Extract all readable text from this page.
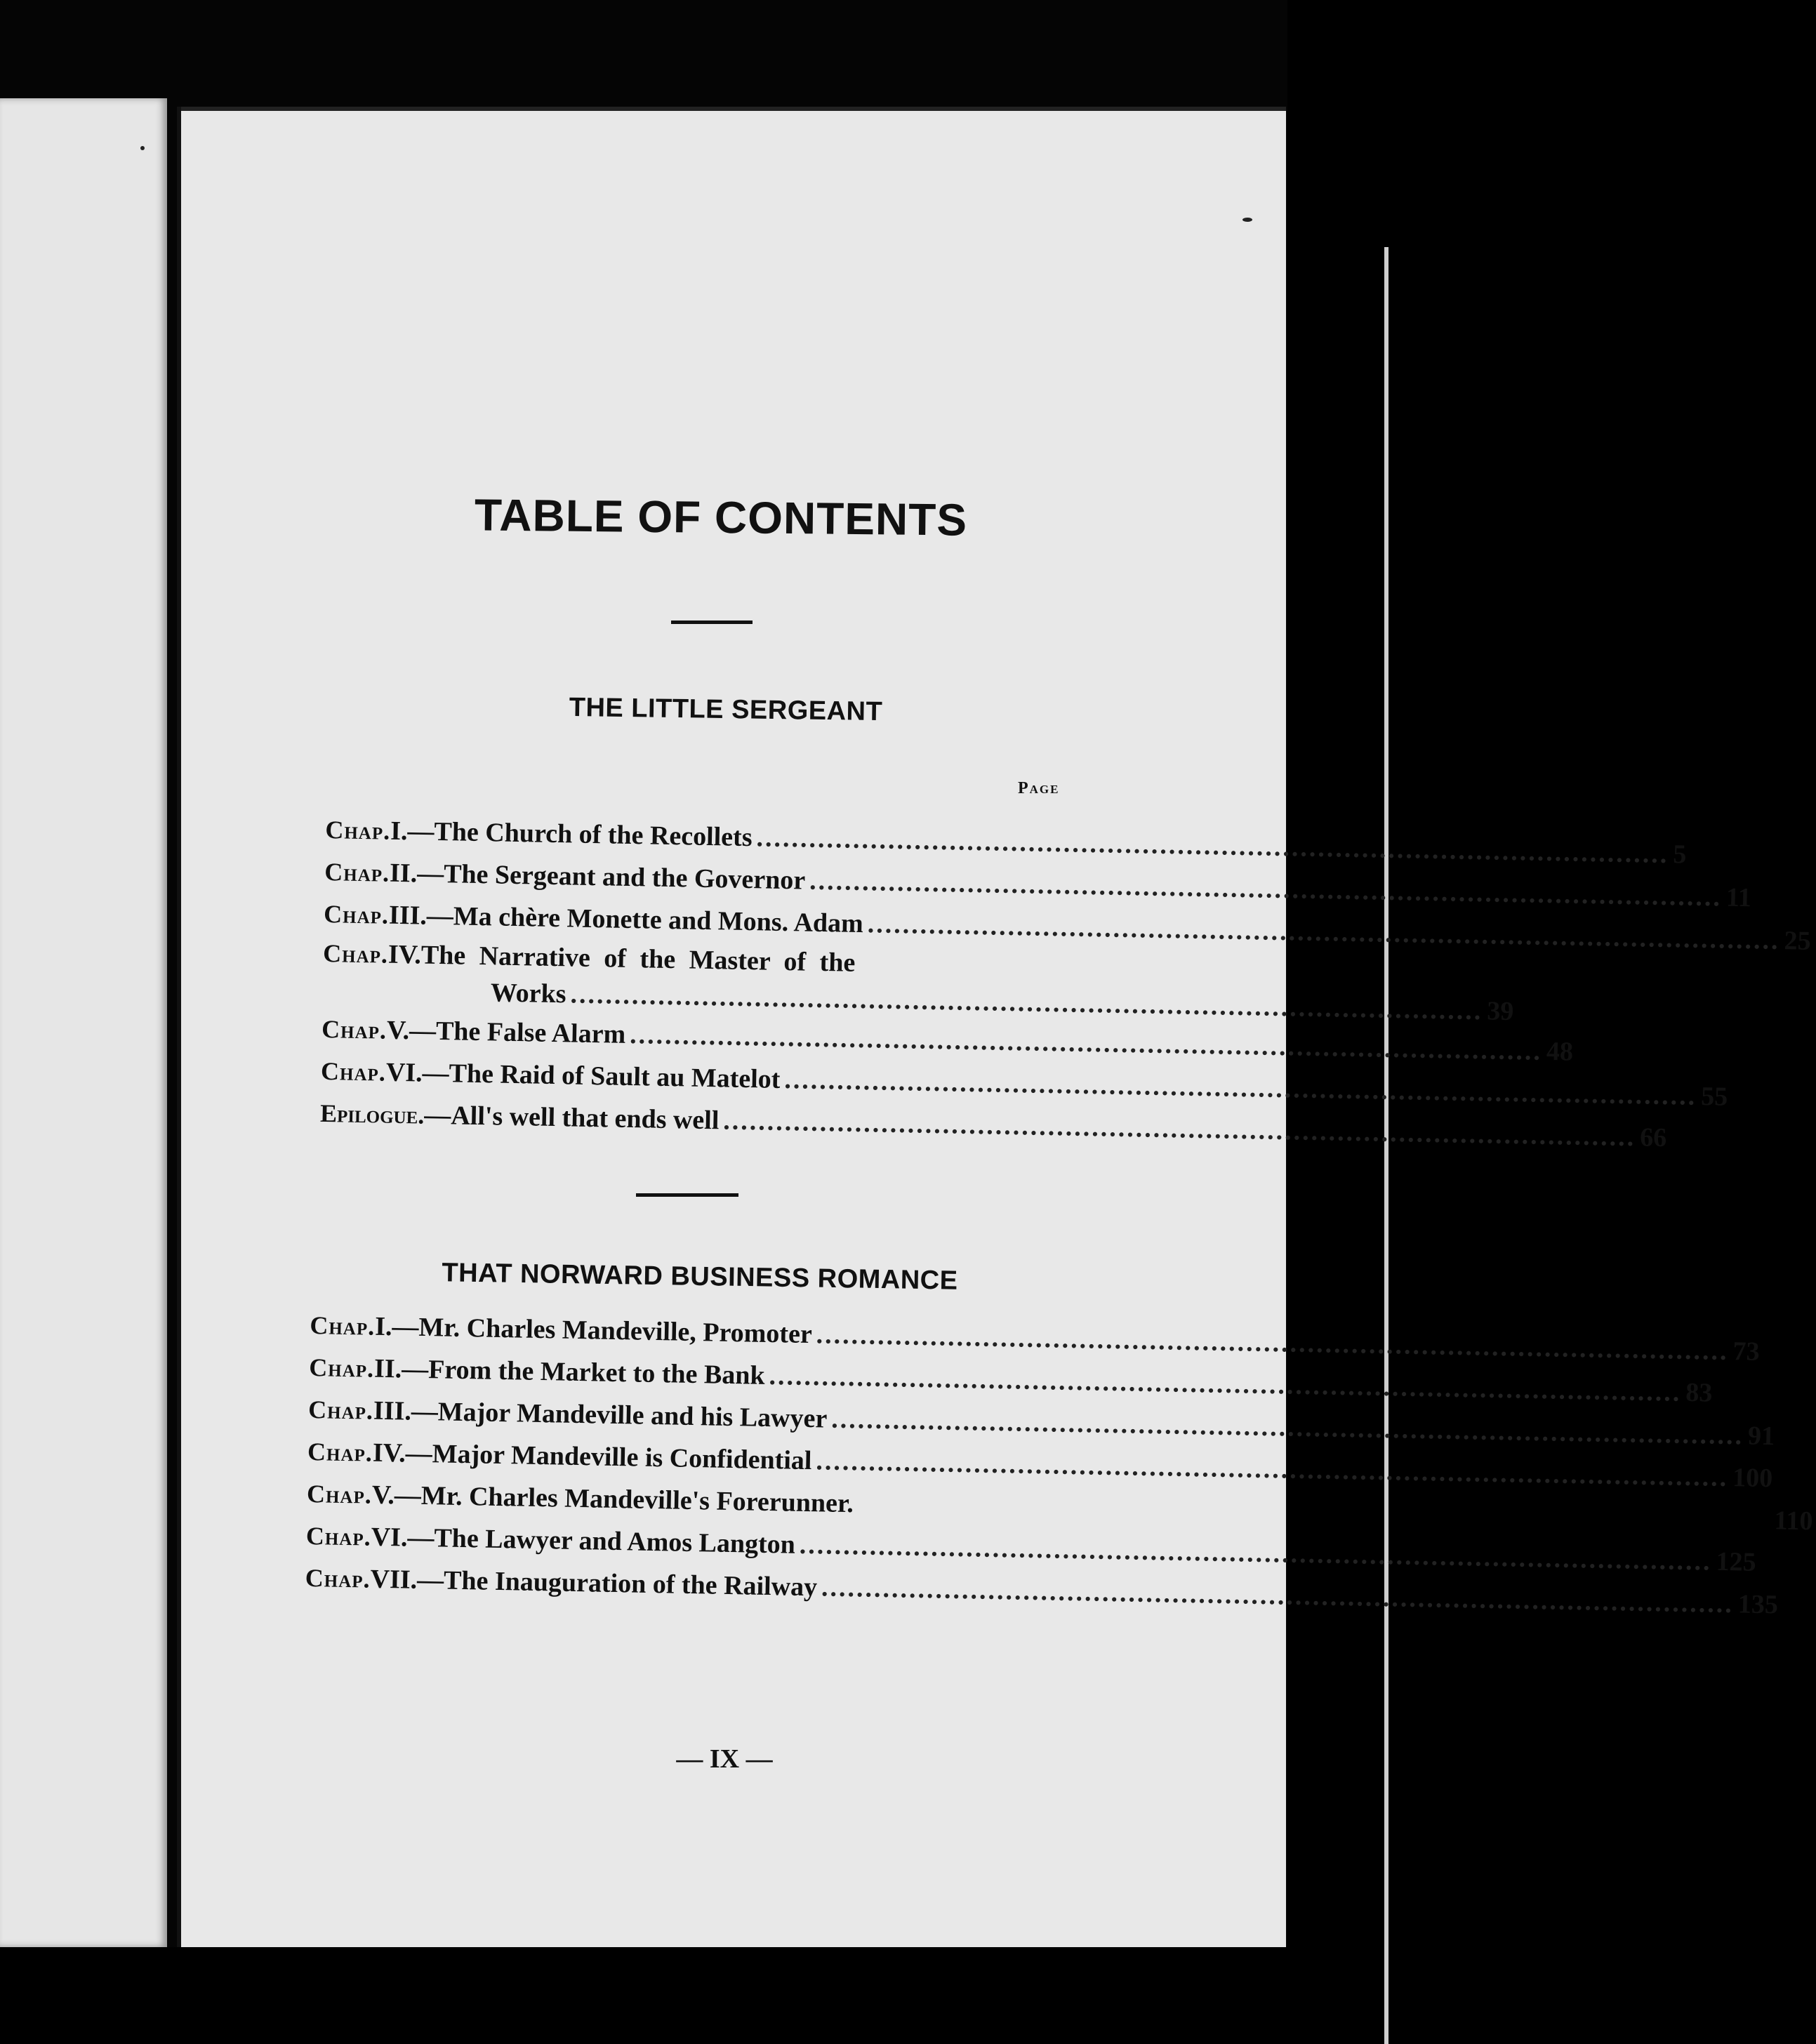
TABLE OF CONTENTS
THE LITTLE SERGEANT
Page
Chap. I. —The Church of the Recollets
.....
5
Chap. II. —The Sergeant and the Governor
.....
11
Chap. III. —Ma chère Monette and Mons. Adam
.....
25
Chap. IV. The Narrative of the Master of the
Works
.....
39
Chap. V. —The False Alarm
.....
48
Chap. VI. —The Raid of Sault au Matelot
.....
55
Epilogue. —All's well that ends well
.....
66
THAT NORWARD BUSINESS ROMANCE
Chap. I. —Mr. Charles Mandeville, Promoter
.....
73
Chap. II. —From the Market to the Bank
.....
83
Chap. III. —Major Mandeville and his Lawyer
.....
91
Chap. IV. —Major Mandeville is Confidential
.....
100
Chap. V. —Mr. Charles Mandeville's Forerunner.
110
Chap. VI. —The Lawyer and Amos Langton
.....
125
Chap. VII. —The Inauguration of the Railway
.....
135
— IX —
